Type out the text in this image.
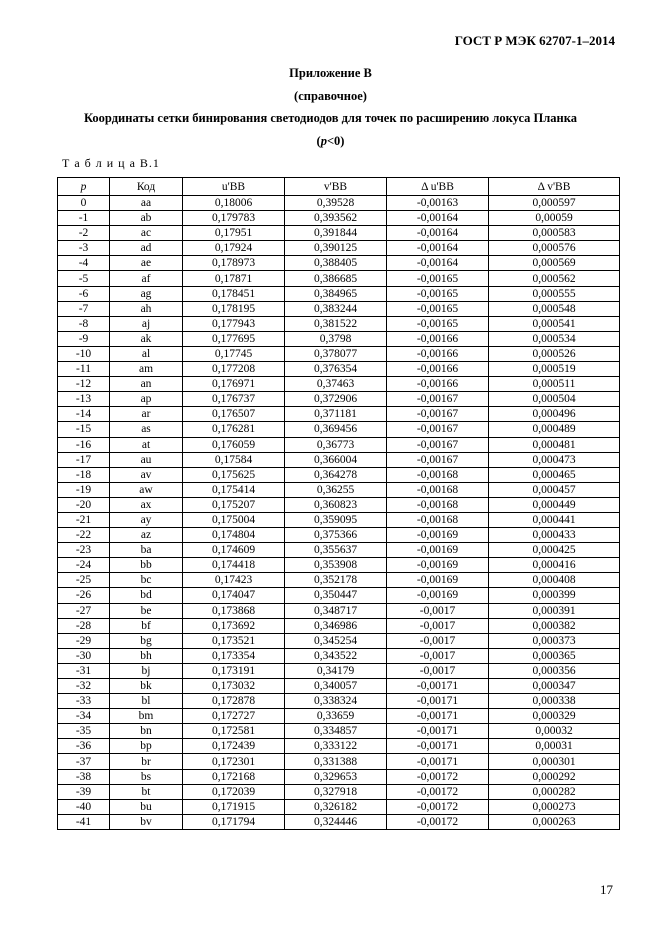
ГОСТ Р МЭК 62707-1–2014
Приложение В
(справочное)
Координаты сетки бинирования светодиодов для точек по расширению локуса Планка
(p<0)
Т а б л и ц а В.1
p	Код	u'BB	v'BB	Δ u'BB	Δ v'BB
0	aa	0,18006	0,39528	-0,00163	0,000597
-1	ab	0,179783	0,393562	-0,00164	0,00059
-2	ac	0,17951	0,391844	-0,00164	0,000583
-3	ad	0,17924	0,390125	-0,00164	0,000576
-4	ae	0,178973	0,388405	-0,00164	0,000569
-5	af	0,17871	0,386685	-0,00165	0,000562
-6	ag	0,178451	0,384965	-0,00165	0,000555
-7	ah	0,178195	0,383244	-0,00165	0,000548
-8	aj	0,177943	0,381522	-0,00165	0,000541
-9	ak	0,177695	0,3798	-0,00166	0,000534
-10	al	0,17745	0,378077	-0,00166	0,000526
-11	am	0,177208	0,376354	-0,00166	0,000519
-12	an	0,176971	0,37463	-0,00166	0,000511
-13	ap	0,176737	0,372906	-0,00167	0,000504
-14	ar	0,176507	0,371181	-0,00167	0,000496
-15	as	0,176281	0,369456	-0,00167	0,000489
-16	at	0,176059	0,36773	-0,00167	0,000481
-17	au	0,17584	0,366004	-0,00167	0,000473
-18	av	0,175625	0,364278	-0,00168	0,000465
-19	aw	0,175414	0,36255	-0,00168	0,000457
-20	ax	0,175207	0,360823	-0,00168	0,000449
-21	ay	0,175004	0,359095	-0,00168	0,000441
-22	az	0,174804	0,375366	-0,00169	0,000433
-23	ba	0,174609	0,355637	-0,00169	0,000425
-24	bb	0,174418	0,353908	-0,00169	0,000416
-25	bc	0,17423	0,352178	-0,00169	0,000408
-26	bd	0,174047	0,350447	-0,00169	0,000399
-27	be	0,173868	0,348717	-0,0017	0,000391
-28	bf	0,173692	0,346986	-0,0017	0,000382
-29	bg	0,173521	0,345254	-0,0017	0,000373
-30	bh	0,173354	0,343522	-0,0017	0,000365
-31	bj	0,173191	0,34179	-0,0017	0,000356
-32	bk	0,173032	0,340057	-0,00171	0,000347
-33	bl	0,172878	0,338324	-0,00171	0,000338
-34	bm	0,172727	0,33659	-0,00171	0,000329
-35	bn	0,172581	0,334857	-0,00171	0,00032
-36	bp	0,172439	0,333122	-0,00171	0,00031
-37	br	0,172301	0,331388	-0,00171	0,000301
-38	bs	0,172168	0,329653	-0,00172	0,000292
-39	bt	0,172039	0,327918	-0,00172	0,000282
-40	bu	0,171915	0,326182	-0,00172	0,000273
-41	bv	0,171794	0,324446	-0,00172	0,000263
17
